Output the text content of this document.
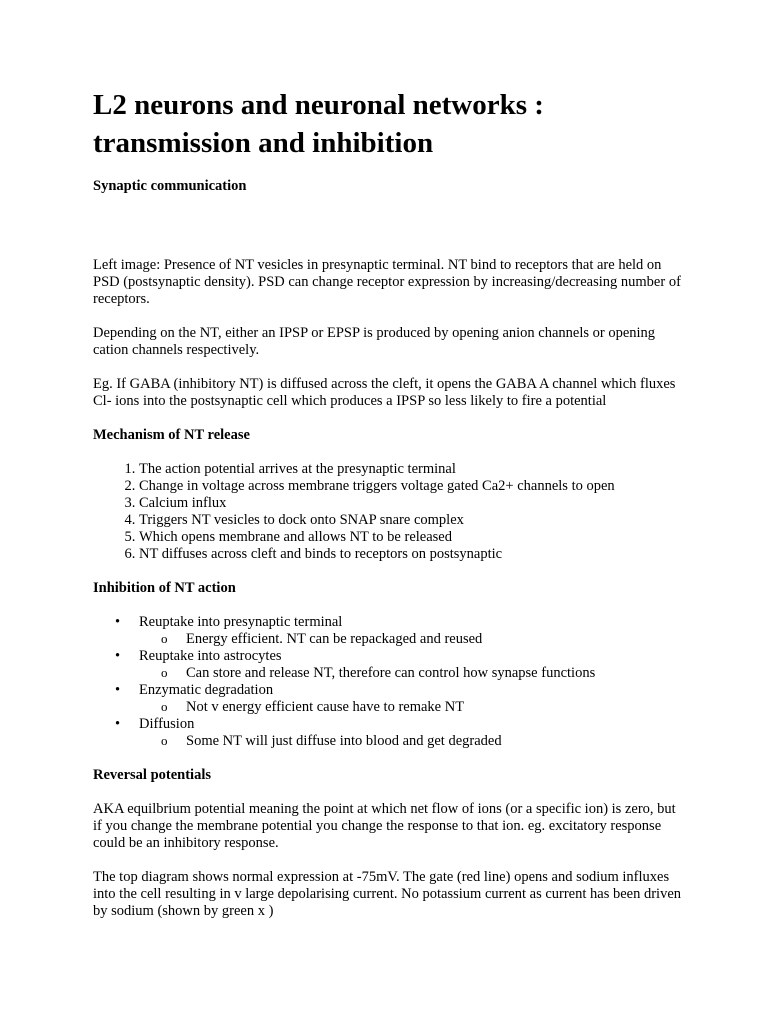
L2 neurons and neuronal networks : transmission and inhibition
Synaptic communication

Left image: Presence of NT vesicles in presynaptic terminal. NT bind to receptors that are held on PSD (postsynaptic density). PSD can change receptor expression by increasing/decreasing number of receptors.

Depending on the NT, either an IPSP or EPSP is produced by opening anion channels or opening cation channels respectively.

Eg. If GABA (inhibitory NT) is diffused across the cleft, it opens the GABA A channel which fluxes Cl- ions into the postsynaptic cell which produces a IPSP so less likely to fire a potential

Mechanism of NT release
1. The action potential arrives at the presynaptic terminal
2. Change in voltage across membrane triggers voltage gated Ca2+ channels to open
3. Calcium influx
4. Triggers NT vesicles to dock onto SNAP snare complex
5. Which opens membrane and allows NT to be released
6. NT diffuses across cleft and binds to receptors on postsynaptic
Inhibition of NT action
• Reuptake into presynaptic terminal
o Energy efficient. NT can be repackaged and reused
• Reuptake into astrocytes
o Can store and release NT, therefore can control how synapse functions
• Enzymatic degradation
o Not v energy efficient cause have to remake NT
• Diffusion
o Some NT will just diffuse into blood and get degraded
Reversal potentials

AKA equilbrium potential meaning the point at which net flow of ions (or a specific ion) is zero, but if you change the membrane potential you change the response to that ion. eg. excitatory response could be an inhibitory response.

The top diagram shows normal expression at -75mV. The gate (red line) opens and sodium influxes into the cell resulting in v large depolarising current. No potassium current as current has been driven by sodium (shown by green x )
